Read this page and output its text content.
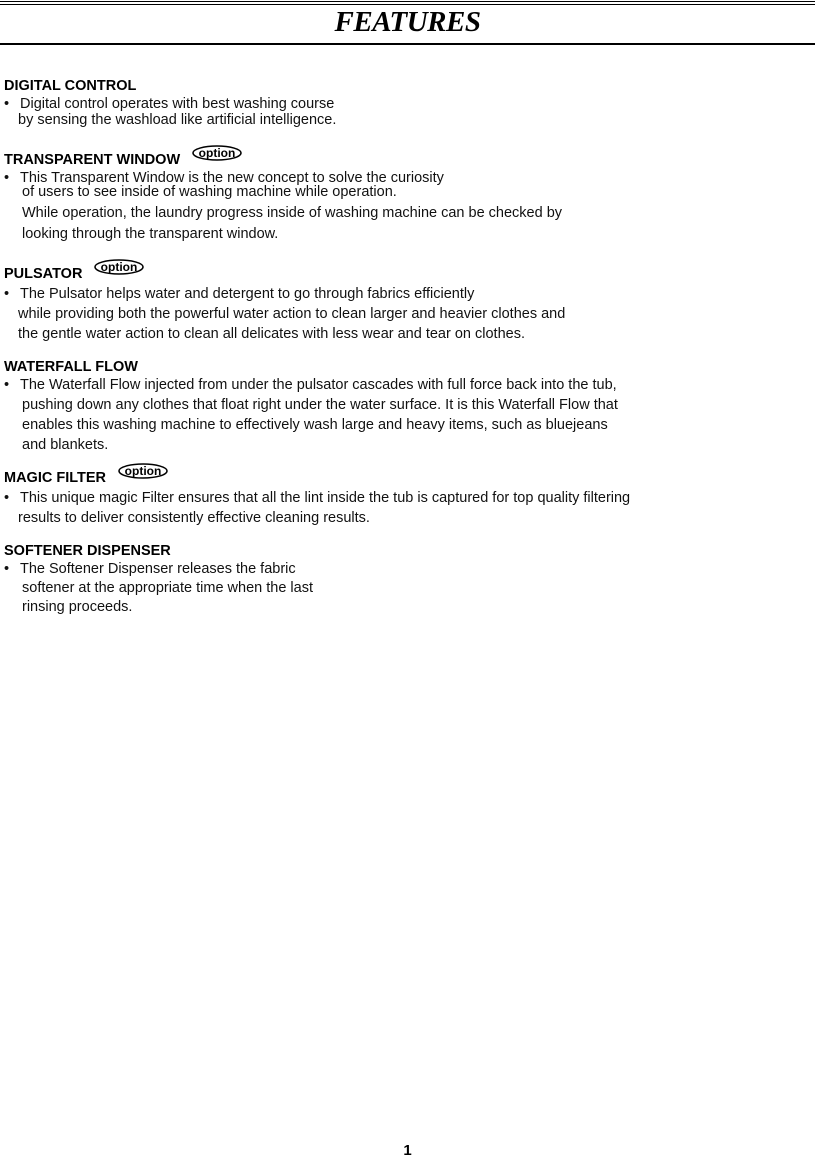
FEATURES
DIGITAL CONTROL
• Digital control operates with best washing course
by sensing the washload like artificial intelligence.
TRANSPARENT WINDOW option
• This Transparent Window is the new concept to solve the curiosity
of users to see inside of washing machine while operation.
While operation, the laundry progress inside of washing machine can be checked by
looking through the transparent window.
PULSATOR option
• The Pulsator helps water and detergent to go through fabrics efficiently
while providing both the powerful water action to clean larger and heavier clothes and
the gentle water action to clean all delicates with less wear and tear on clothes.
WATERFALL FLOW
• The Waterfall Flow injected from under the pulsator cascades with full force back into the tub,
pushing down any clothes that float right under the water surface. It is this Waterfall Flow that
enables this washing machine to effectively wash large and heavy items, such as bluejeans
and blankets.
MAGIC FILTER option
• This unique magic Filter ensures that all the lint inside the tub is captured for top quality filtering
results to deliver consistently effective cleaning results.
SOFTENER DISPENSER
• The Softener Dispenser releases the fabric
softener at the appropriate time when the last
rinsing proceeds.
1
